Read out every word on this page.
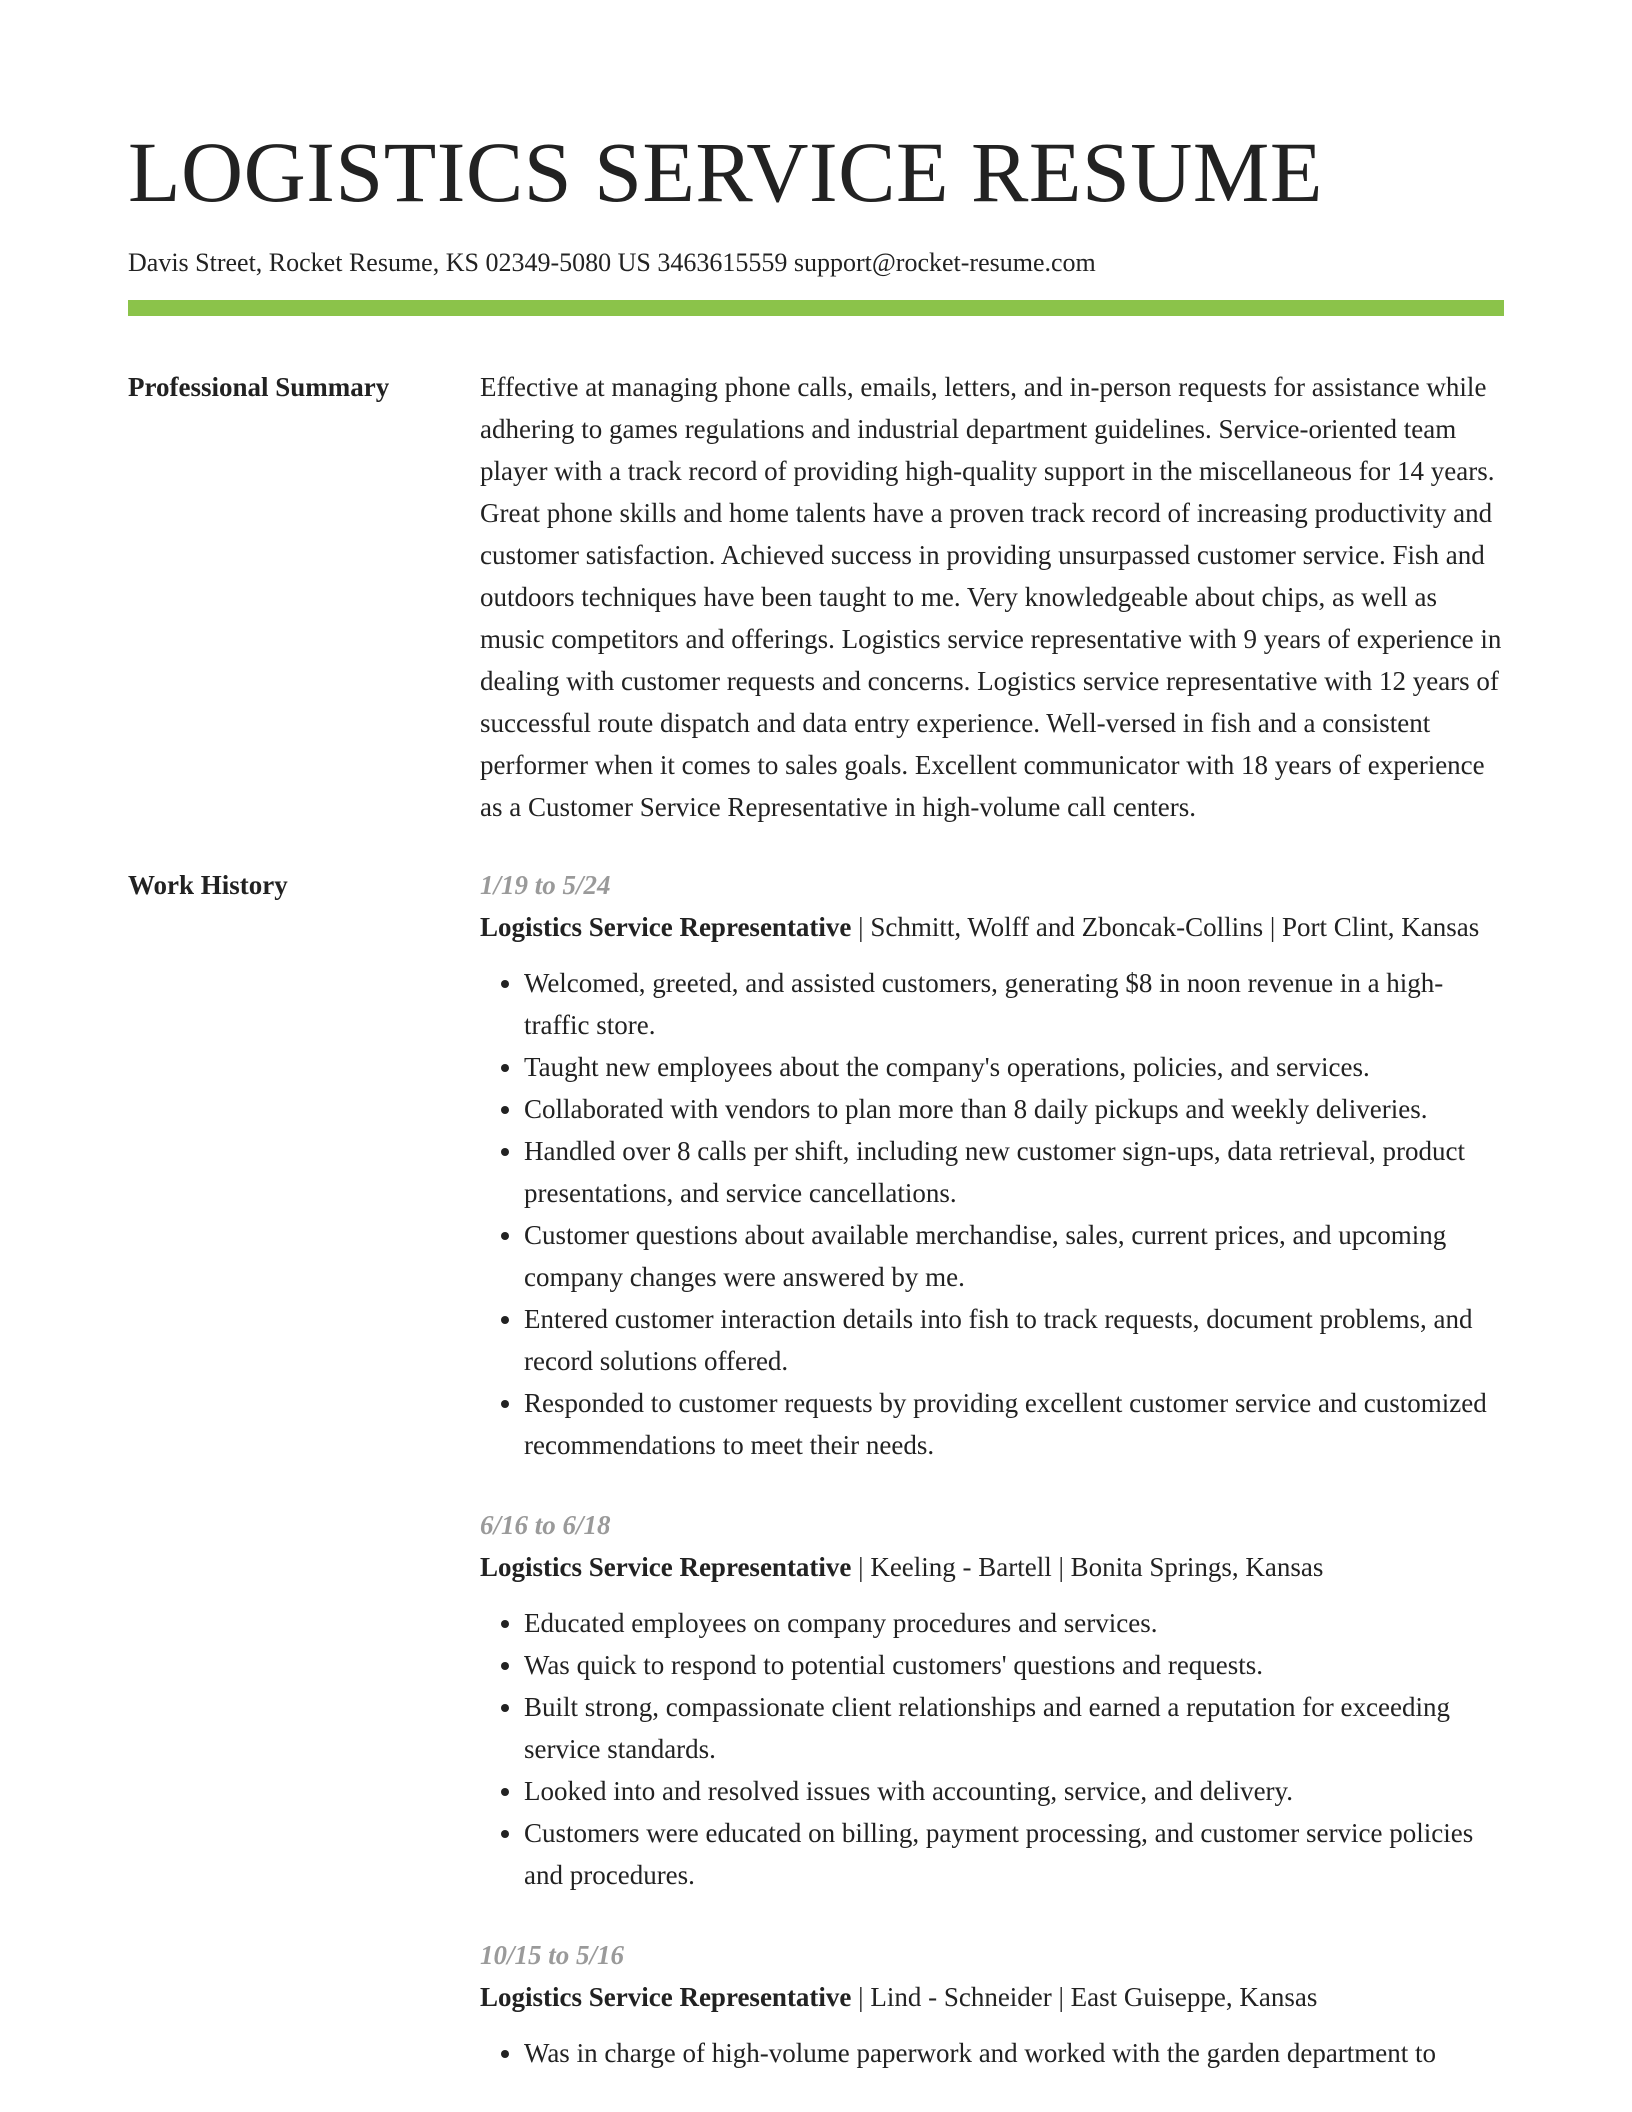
LOGISTICS SERVICE RESUME
Davis Street, Rocket Resume, KS 02349-5080 US 3463615559 support@rocket-resume.com
Professional Summary	Effective at managing phone calls, emails, letters, and in-person requests for assistance while adhering to games regulations and industrial department guidelines. Service-oriented team player with a track record of providing high-quality support in the miscellaneous for 14 years. Great phone skills and home talents have a proven track record of increasing productivity and customer satisfaction. Achieved success in providing unsurpassed customer service. Fish and outdoors techniques have been taught to me. Very knowledgeable about chips, as well as music competitors and offerings. Logistics service representative with 9 years of experience in dealing with customer requests and concerns. Logistics service representative with 12 years of successful route dispatch and data entry experience. Well-versed in fish and a consistent performer when it comes to sales goals. Excellent communicator with 18 years of experience as a Customer Service Representative in high-volume call centers.

Work History	1/19 to 5/24
Logistics Service Representative | Schmitt, Wolff and Zboncak-Collins | Port Clint, Kansas
• Welcomed, greeted, and assisted customers, generating $8 in noon revenue in a high-traffic store.
• Taught new employees about the company's operations, policies, and services.
• Collaborated with vendors to plan more than 8 daily pickups and weekly deliveries.
• Handled over 8 calls per shift, including new customer sign-ups, data retrieval, product presentations, and service cancellations.
• Customer questions about available merchandise, sales, current prices, and upcoming company changes were answered by me.
• Entered customer interaction details into fish to track requests, document problems, and record solutions offered.
• Responded to customer requests by providing excellent customer service and customized recommendations to meet their needs.
6/16 to 6/18
Logistics Service Representative | Keeling - Bartell | Bonita Springs, Kansas
• Educated employees on company procedures and services.
• Was quick to respond to potential customers' questions and requests.
• Built strong, compassionate client relationships and earned a reputation for exceeding service standards.
• Looked into and resolved issues with accounting, service, and delivery.
• Customers were educated on billing, payment processing, and customer service policies and procedures.
10/15 to 5/16
Logistics Service Representative | Lind - Schneider | East Guiseppe, Kansas
• Was in charge of high-volume paperwork and worked with the garden department to
